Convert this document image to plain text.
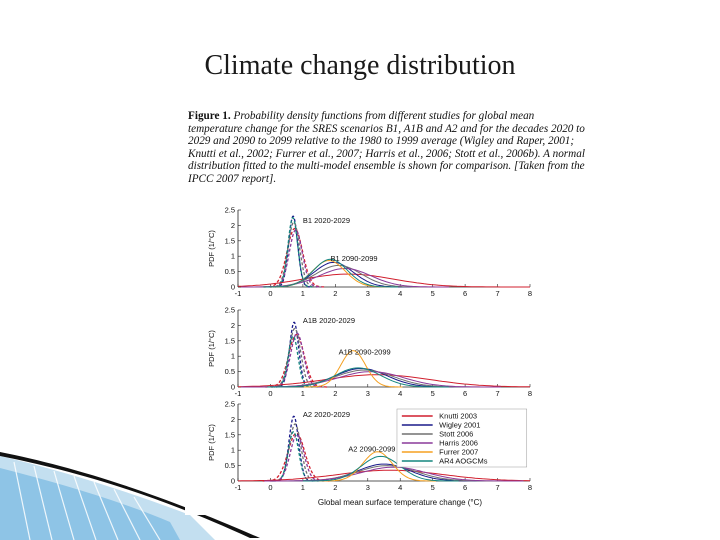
Climate change distribution
Figure 1. Probability density functions from different studies for global mean temperature change for the SRES scenarios B1, A1B and A2 and for the decades 2020 to 2029 and 2090 to 2099 relative to the 1980 to 1999 average (Wigley and Raper, 2001; Knutti et al., 2002; Furrer et al., 2007; Harris et al., 2006; Stott et al., 2006b). A normal distribution fitted to the multi-model ensemble is shown for comparison. [Taken from the IPCC 2007 report].
Global mean surface temperature change (°C)
0
0.5
1
1.5
2
2.5
-1	0	1	2	3	4	5	6	7	8
PDF (1/°C)
B1 2020-2029
B1 2090-2099
0
0.5
1
1.5
2
2.5
-1	0	1	2	3	4	5	6	7	8
PDF (1/°C)
A1B 2020-2029
A1B 2090-2099
0
0.5
1
1.5
2
2.5
-1	0	1	2	3	4	5	6	7	8
PDF (1/°C)
A2 2020-2029
A2 2090-2099
Knutti 2003
Wigley 2001
Stott 2006
Harris 2006
Furrer 2007
AR4 AOGCMs
